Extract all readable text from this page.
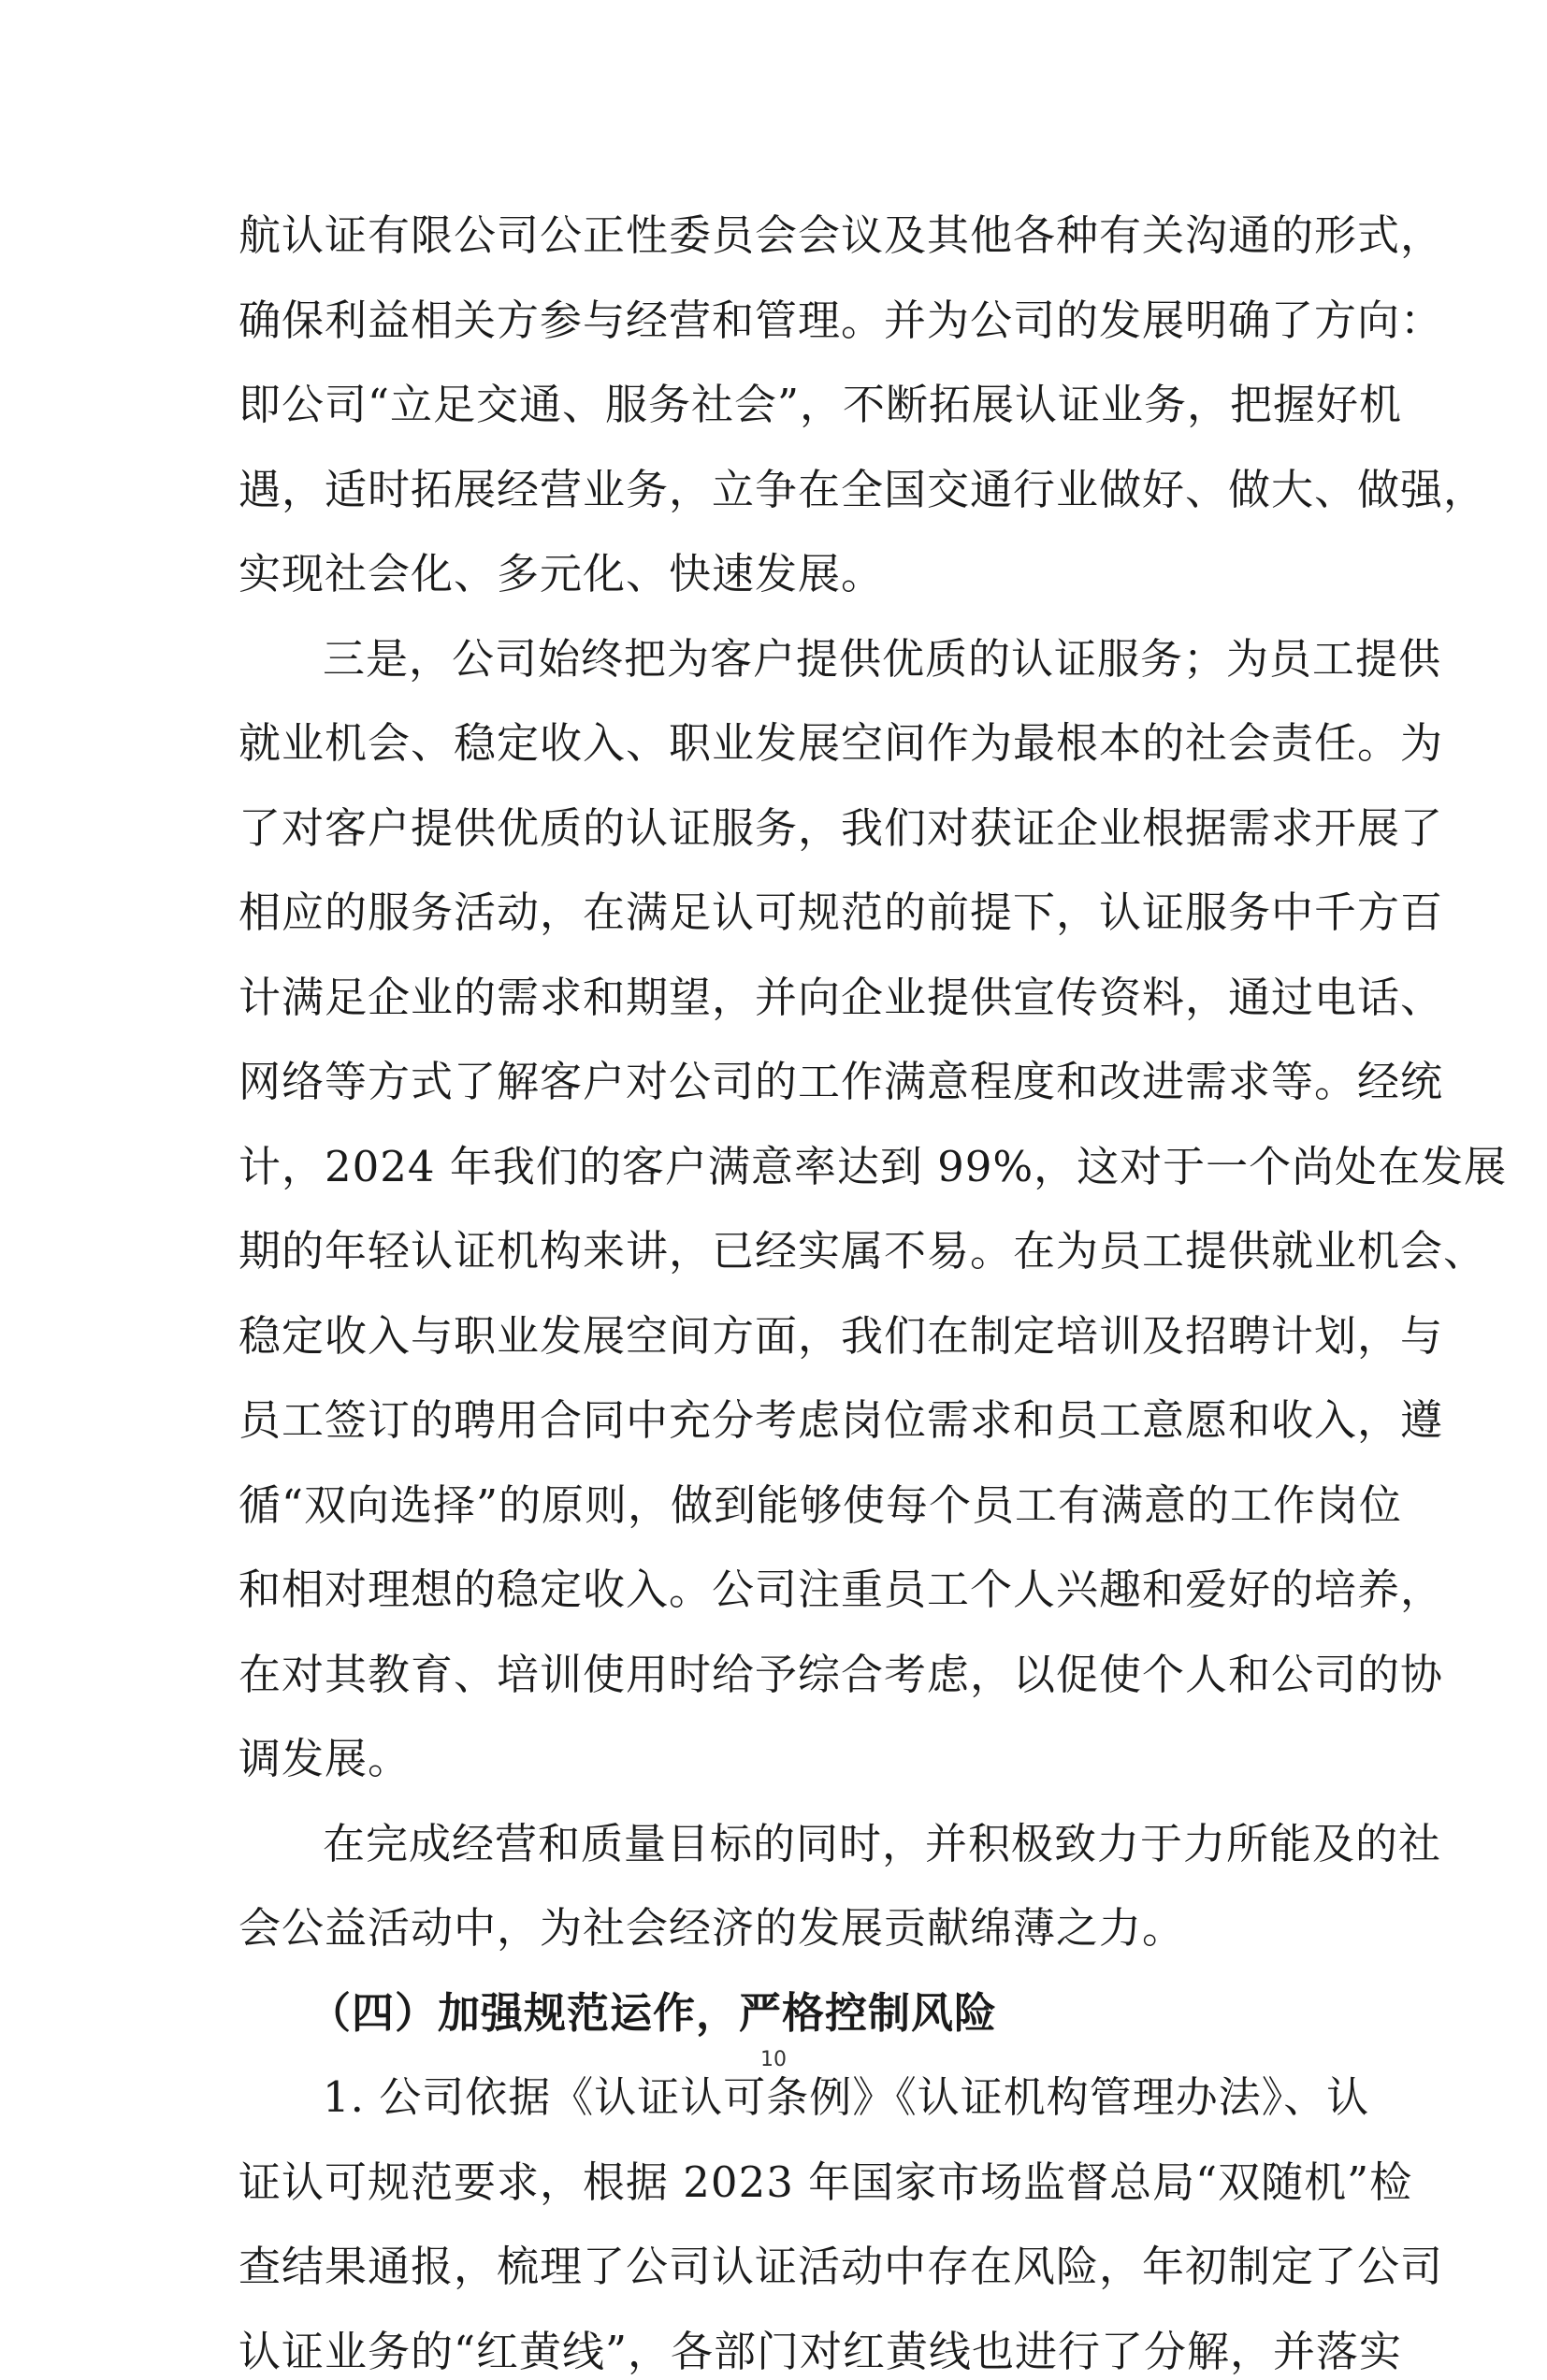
航认证有限公司公正性委员会会议及其他各种有关沟通的形式，
确保利益相关方参与经营和管理。并为公司的发展明确了方向：
即公司“立足交通、服务社会”，不断拓展认证业务，把握好机
遇，适时拓展经营业务，立争在全国交通行业做好、做大、做强，
实现社会化、多元化、快速发展。
三是，公司始终把为客户提供优质的认证服务；为员工提供
就业机会、稳定收入、职业发展空间作为最根本的社会责任。为
了对客户提供优质的认证服务，我们对获证企业根据需求开展了
相应的服务活动，在满足认可规范的前提下，认证服务中千方百
计满足企业的需求和期望，并向企业提供宣传资料，通过电话、
网络等方式了解客户对公司的工作满意程度和改进需求等。经统
计，2024 年我们的客户满意率达到 99%，这对于一个尚处在发展
期的年轻认证机构来讲，已经实属不易。在为员工提供就业机会、
稳定收入与职业发展空间方面，我们在制定培训及招聘计划，与
员工签订的聘用合同中充分考虑岗位需求和员工意愿和收入，遵
循“双向选择”的原则，做到能够使每个员工有满意的工作岗位
和相对理想的稳定收入。公司注重员工个人兴趣和爱好的培养，
在对其教育、培训使用时给予综合考虑，以促使个人和公司的协
调发展。
在完成经营和质量目标的同时，并积极致力于力所能及的社
会公益活动中，为社会经济的发展贡献绵薄之力。
（四）加强规范运作，严格控制风险
1. 公司依据《认证认可条例》《认证机构管理办法》、认
证认可规范要求，根据 2023 年国家市场监督总局“双随机”检
查结果通报，梳理了公司认证活动中存在风险，年初制定了公司
认证业务的“红黄线”，各部门对红黄线也进行了分解，并落实
10
